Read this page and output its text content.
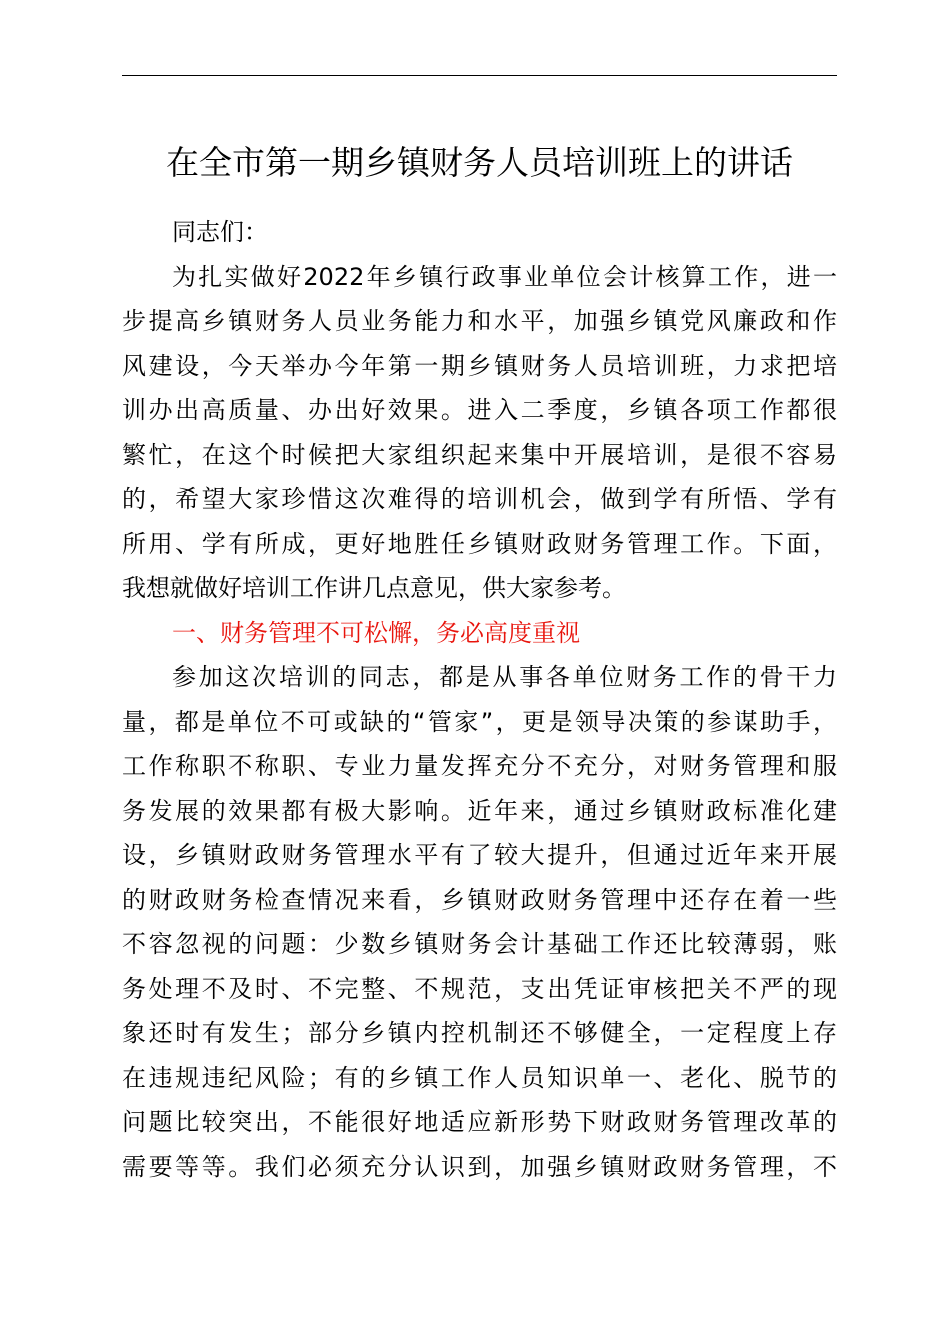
在全市第一期乡镇财务人员培训班上的讲话
同志们：
为扎实做好2022年乡镇行政事业单位会计核算工作，进一
步提高乡镇财务人员业务能力和水平，加强乡镇党风廉政和作
风建设，今天举办今年第一期乡镇财务人员培训班，力求把培
训办出高质量、办出好效果。进入二季度，乡镇各项工作都很
繁忙，在这个时候把大家组织起来集中开展培训，是很不容易
的，希望大家珍惜这次难得的培训机会，做到学有所悟、学有
所用、学有所成，更好地胜任乡镇财政财务管理工作。下面，
我想就做好培训工作讲几点意见，供大家参考。
一、财务管理不可松懈，务必高度重视
参加这次培训的同志，都是从事各单位财务工作的骨干力
量，都是单位不可或缺的“管家”，更是领导决策的参谋助手，
工作称职不称职、专业力量发挥充分不充分，对财务管理和服
务发展的效果都有极大影响。近年来，通过乡镇财政标准化建
设，乡镇财政财务管理水平有了较大提升，但通过近年来开展
的财政财务检查情况来看，乡镇财政财务管理中还存在着一些
不容忽视的问题：少数乡镇财务会计基础工作还比较薄弱，账
务处理不及时、不完整、不规范，支出凭证审核把关不严的现
象还时有发生；部分乡镇内控机制还不够健全，一定程度上存
在违规违纪风险；有的乡镇工作人员知识单一、老化、脱节的
问题比较突出，不能很好地适应新形势下财政财务管理改革的
需要等等。我们必须充分认识到，加强乡镇财政财务管理，不
